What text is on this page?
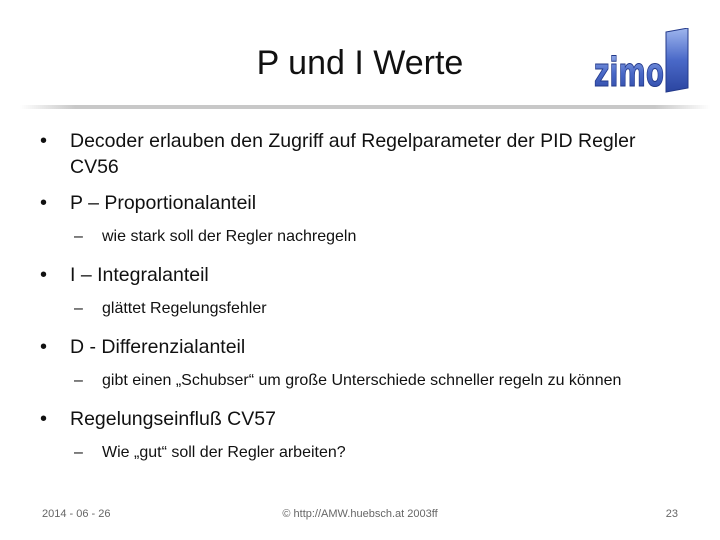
P und I Werte	zimo
•	Decoder erlauben den Zugriff auf Regelparameter der PID Regler CV56
•	P – Proportionalanteil
–	wie stark soll der Regler nachregeln
•	I – Integralanteil
–	glättet Regelungsfehler
•	D - Differenzialanteil
–	gibt einen „Schubser“ um große Unterschiede schneller regeln zu können
•	Regelungseinfluß CV57
–	Wie „gut“ soll der Regler arbeiten?
2014 - 06 - 26	© http://AMW.huebsch.at 2003ff	23
